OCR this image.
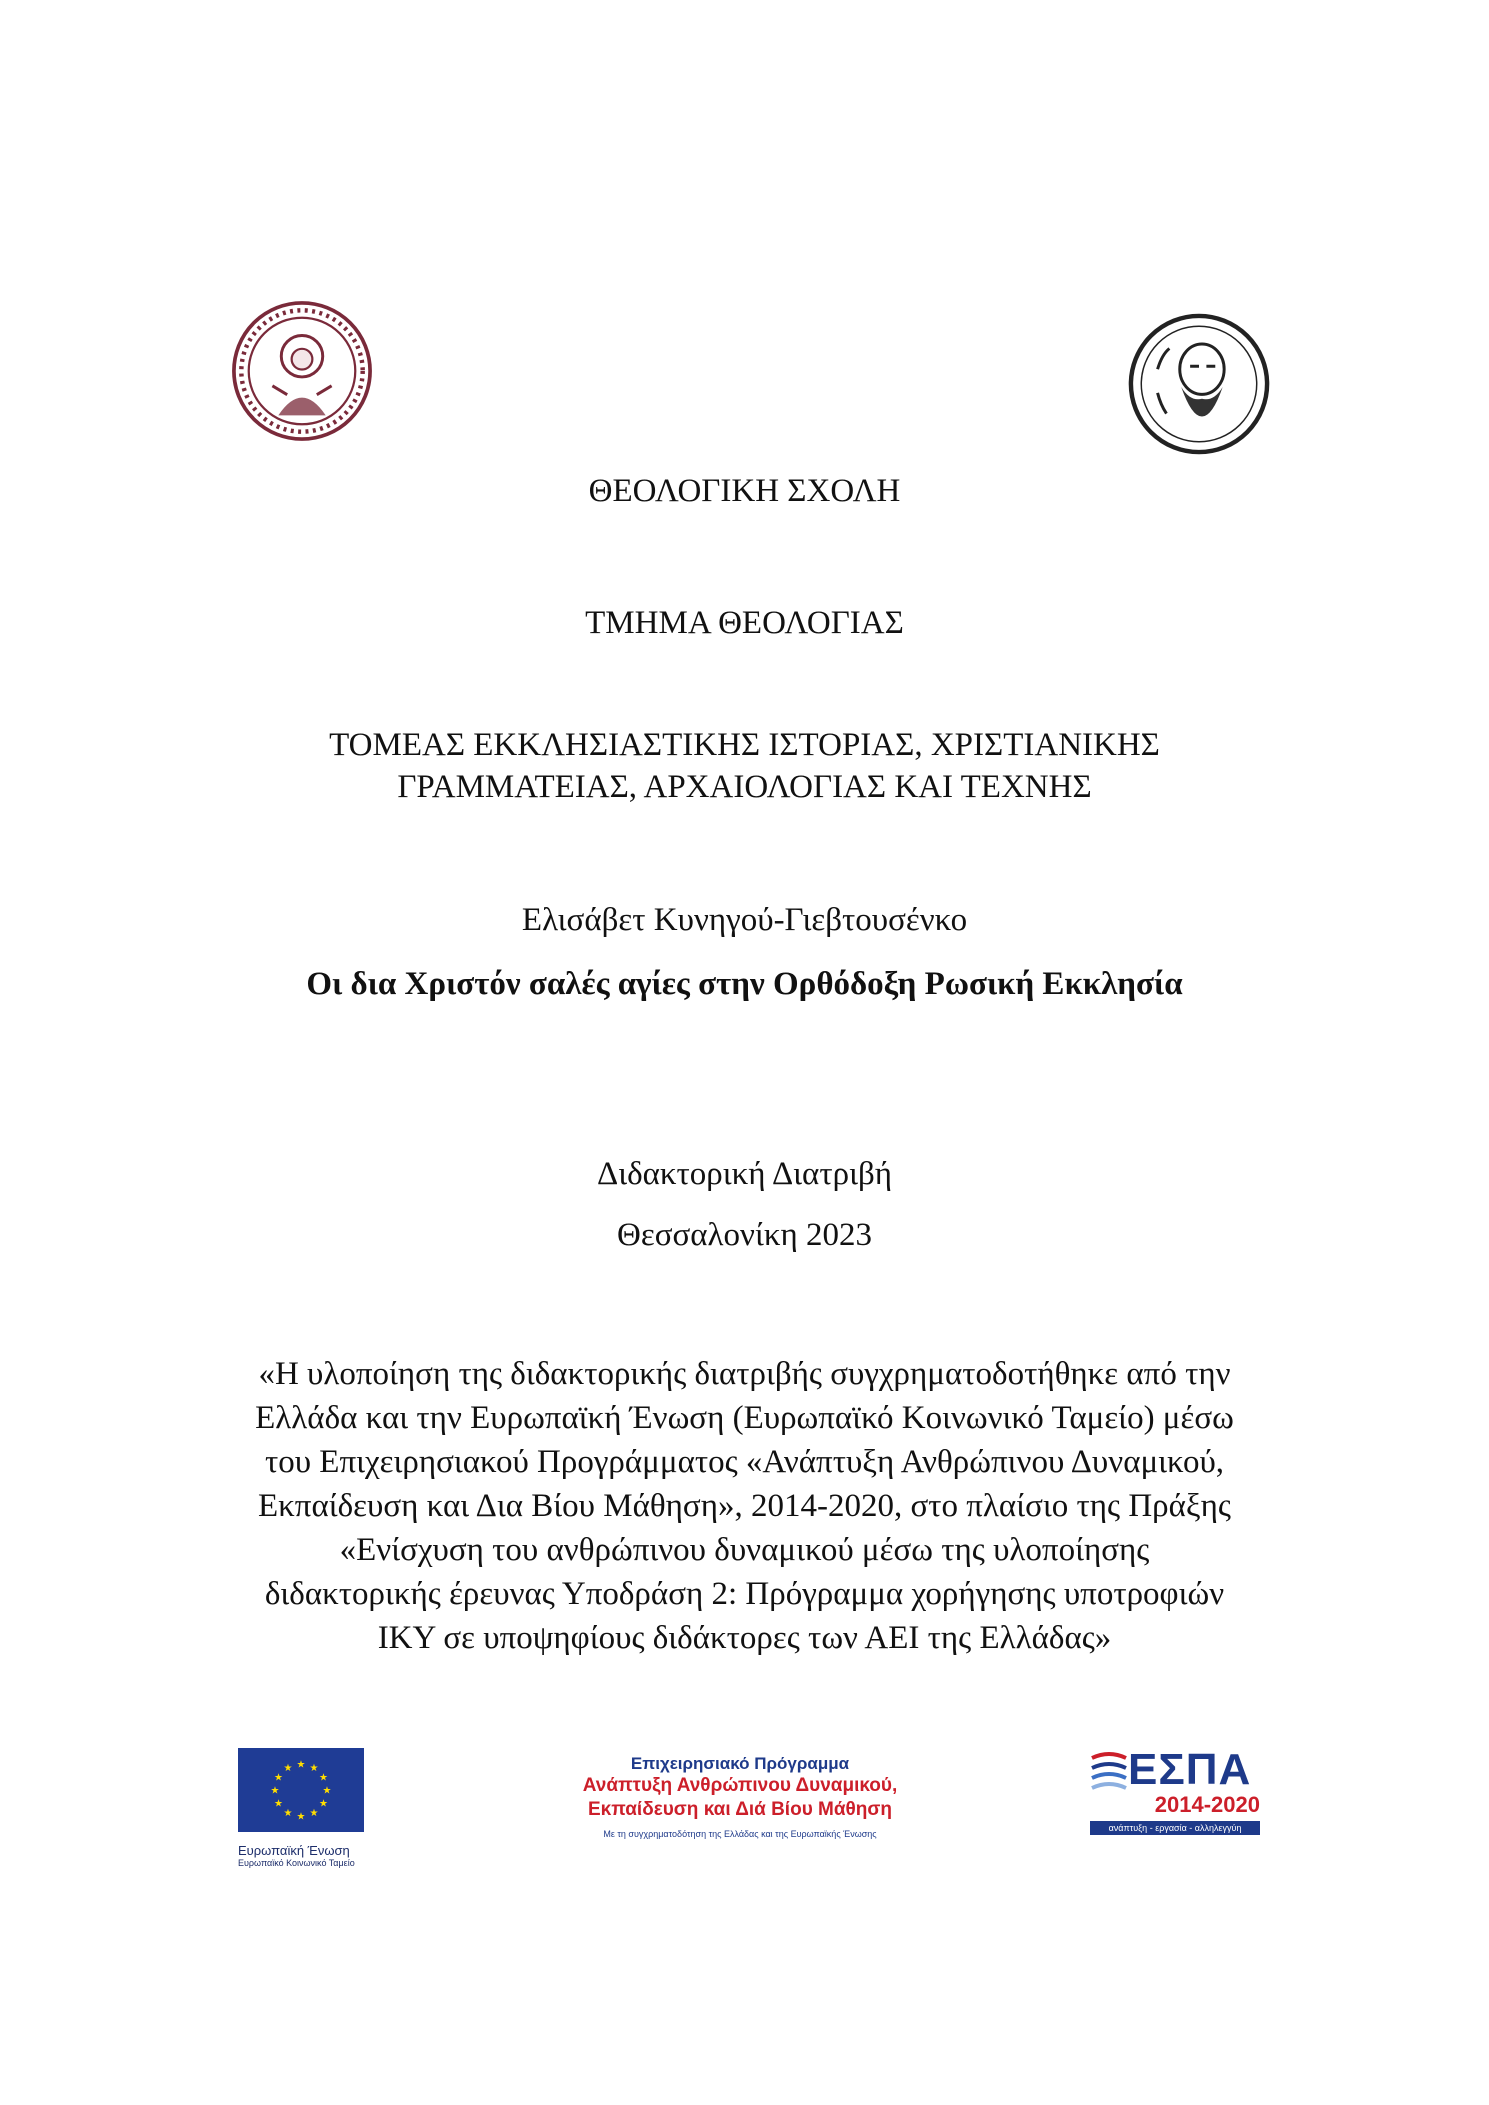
ΘΕΟΛΟΓΙΚΗ ΣΧΟΛΗ
ΤΜΗΜΑ ΘΕΟΛΟΓΙΑΣ
ΤΟΜΕΑΣ ΕΚΚΛΗΣΙΑΣΤΙΚΗΣ ΙΣΤΟΡΙΑΣ, ΧΡΙΣΤΙΑΝΙΚΗΣ
ΓΡΑΜΜΑΤΕΙΑΣ, ΑΡΧΑΙΟΛΟΓΙΑΣ ΚΑΙ ΤΕΧΝΗΣ
Ελισάβετ Κυνηγού-Γιεβτουσένκο
Οι δια Χριστόν σαλές αγίες στην Ορθόδοξη Ρωσική Εκκλησία
Διδακτορική Διατριβή
Θεσσαλονίκη 2023
«Η υλοποίηση της διδακτορικής διατριβής συγχρηματοδοτήθηκε από την
Ελλάδα και την Ευρωπαϊκή Ένωση (Ευρωπαϊκό Κοινωνικό Ταμείο) μέσω
του Επιχειρησιακού Προγράμματος «Ανάπτυξη Ανθρώπινου Δυναμικού,
Εκπαίδευση και Δια Βίου Μάθηση», 2014-2020, στο πλαίσιο της Πράξης
«Ενίσχυση του ανθρώπινου δυναμικού μέσω της υλοποίησης
διδακτορικής έρευνας Υποδράση 2: Πρόγραμμα χορήγησης υποτροφιών
ΙΚΥ σε υποψηφίους διδάκτορες των ΑΕΙ της Ελλάδας»
★ ★
★
★
★
★
★
★
★
★
★
★
Ευρωπαϊκή Ένωση
Ευρωπαϊκό Κοινωνικό Ταμείο
Επιχειρησιακό Πρόγραμμα
Ανάπτυξη Ανθρώπινου Δυναμικού,
Εκπαίδευση και Διά Βίου Μάθηση
Με τη συγχρηματοδότηση της Ελλάδας και της Ευρωπαϊκής Ένωσης
ΕΣΠΑ
2014-2020
ανάπτυξη - εργασία - αλληλεγγύη
